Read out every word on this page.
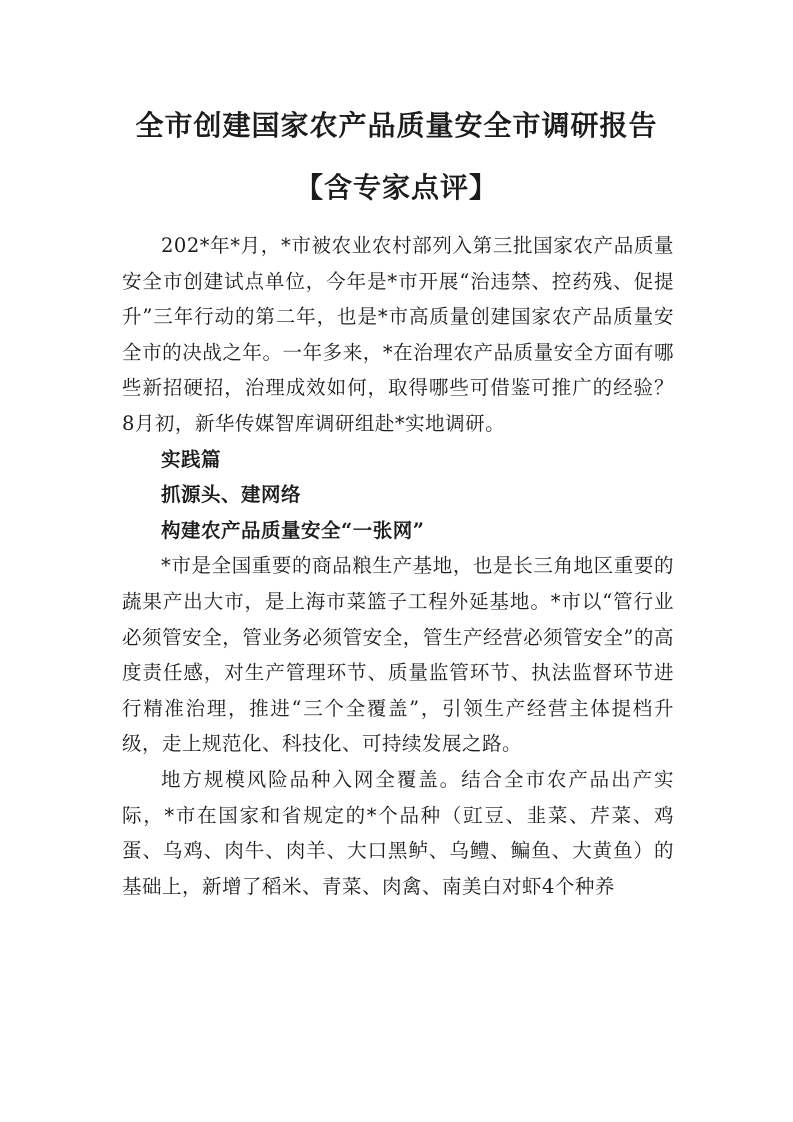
全市创建国家农产品质量安全市调研报告
【含专家点评】

202*年*月，*市被农业农村部列入第三批国家农产品质量安全市创建试点单位，今年是*市开展“治违禁、控药残、促提升”三年行动的第二年，也是*市高质量创建国家农产品质量安全市的决战之年。一年多来，*在治理农产品质量安全方面有哪些新招硬招，治理成效如何，取得哪些可借鉴可推广的经验？8月初，新华传媒智库调研组赴*实地调研。

实践篇

抓源头、建网络

构建农产品质量安全“一张网”

*市是全国重要的商品粮生产基地，也是长三角地区重要的蔬果产出大市，是上海市菜篮子工程外延基地。*市以“管行业必须管安全，管业务必须管安全，管生产经营必须管安全”的高度责任感，对生产管理环节、质量监管环节、执法监督环节进行精准治理，推进“三个全覆盖”，引领生产经营主体提档升级，走上规范化、科技化、可持续发展之路。

地方规模风险品种入网全覆盖。结合全市农产品出产实际，*市在国家和省规定的*个品种（豇豆、韭菜、芹菜、鸡蛋、乌鸡、肉牛、肉羊、大口黑鲈、乌鳢、鳊鱼、大黄鱼）的基础上，新增了稻米、青菜、肉禽、南美白对虾4个种养
